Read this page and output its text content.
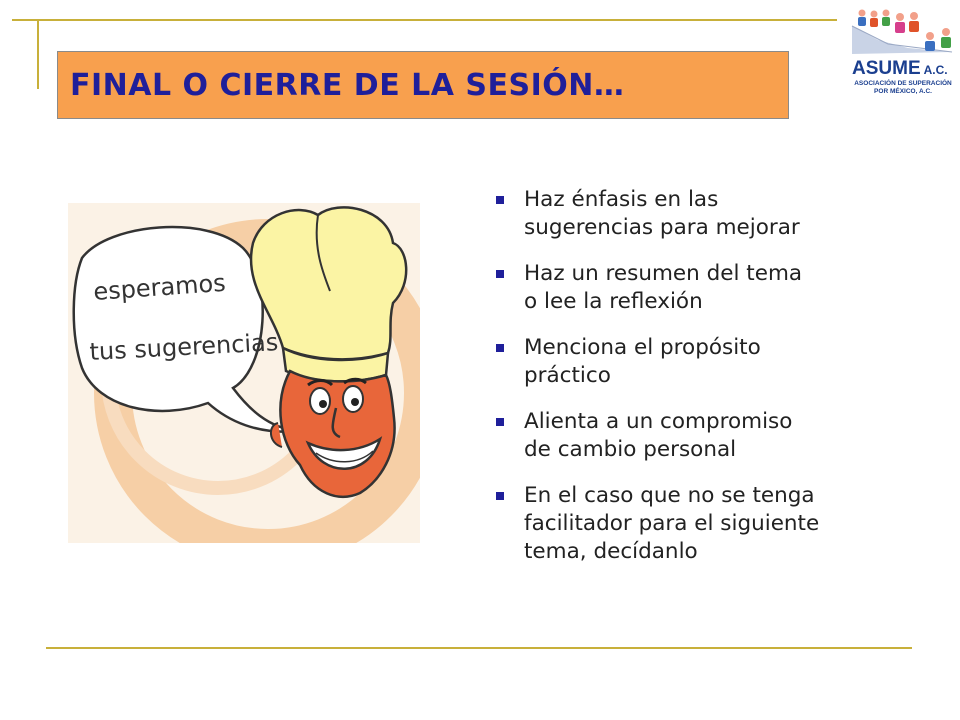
FINAL O CIERRE DE LA SESIÓN…	ASUME A.C.
ASOCIACIÓN DE SUPERACIÓN
POR MÉXICO, A.C.
esperamos
tus sugerencias
Haz énfasis en las
sugerencias para mejorar
Haz un resumen del tema
o lee la reflexión
Menciona el propósito
práctico
Alienta a un compromiso
de cambio personal
En el caso que no se tenga
facilitador para el siguiente
tema, decídanlo
